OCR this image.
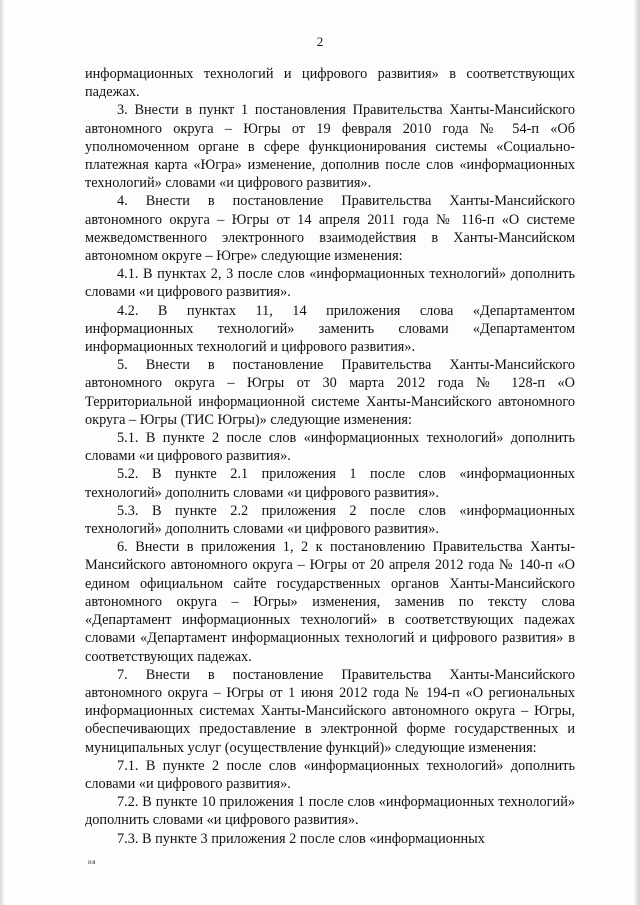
2

информационных технологий и цифрового развития» в соответствующих падежах.

3. Внести в пункт 1 постановления Правительства Ханты-Мансийского автономного округа – Югры от 19 февраля 2010 года № 54-п «Об уполномоченном органе в сфере функционирования системы «Социально-платежная карта «Югра» изменение, дополнив после слов «информационных технологий» словами «и цифрового развития».

4. Внести в постановление Правительства Ханты-Мансийского автономного округа – Югры от 14 апреля 2011 года № 116-п «О системе межведомственного электронного взаимодействия в Ханты-Мансийском автономном округе – Югре» следующие изменения:

4.1. В пунктах 2, 3 после слов «информационных технологий» дополнить словами «и цифрового развития».

4.2. В пунктах 11, 14 приложения слова «Департаментом информационных технологий» заменить словами «Департаментом информационных технологий и цифрового развития».

5. Внести в постановление Правительства Ханты-Мансийского автономного округа – Югры от 30 марта 2012 года № 128-п «О Территориальной информационной системе Ханты-Мансийского автономного округа – Югры (ТИС Югры)» следующие изменения:

5.1. В пункте 2 после слов «информационных технологий» дополнить словами «и цифрового развития».

5.2. В пункте 2.1 приложения 1 после слов «информационных технологий» дополнить словами «и цифрового развития».

5.3. В пункте 2.2 приложения 2 после слов «информационных технологий» дополнить словами «и цифрового развития».

6. Внести в приложения 1, 2 к постановлению Правительства Ханты-Мансийского автономного округа – Югры от 20 апреля 2012 года № 140-п «О едином официальном сайте государственных органов Ханты-Мансийского автономного округа – Югры» изменения, заменив по тексту слова «Департамент информационных технологий» в соответствующих падежах словами «Департамент информационных технологий и цифрового развития» в соответствующих падежах.

7. Внести в постановление Правительства Ханты-Мансийского автономного округа – Югры от 1 июня 2012 года № 194-п «О региональных информационных системах Ханты-Мансийского автономного округа – Югры, обеспечивающих предоставление в электронной форме государственных и муниципальных услуг (осуществление функций)» следующие изменения:

7.1. В пункте 2 после слов «информационных технологий» дополнить словами «и цифрового развития».

7.2. В пункте 10 приложения 1 после слов «информационных технологий» дополнить словами «и цифрового развития».

7.3. В пункте 3 приложения 2 после слов «информационных

ия
